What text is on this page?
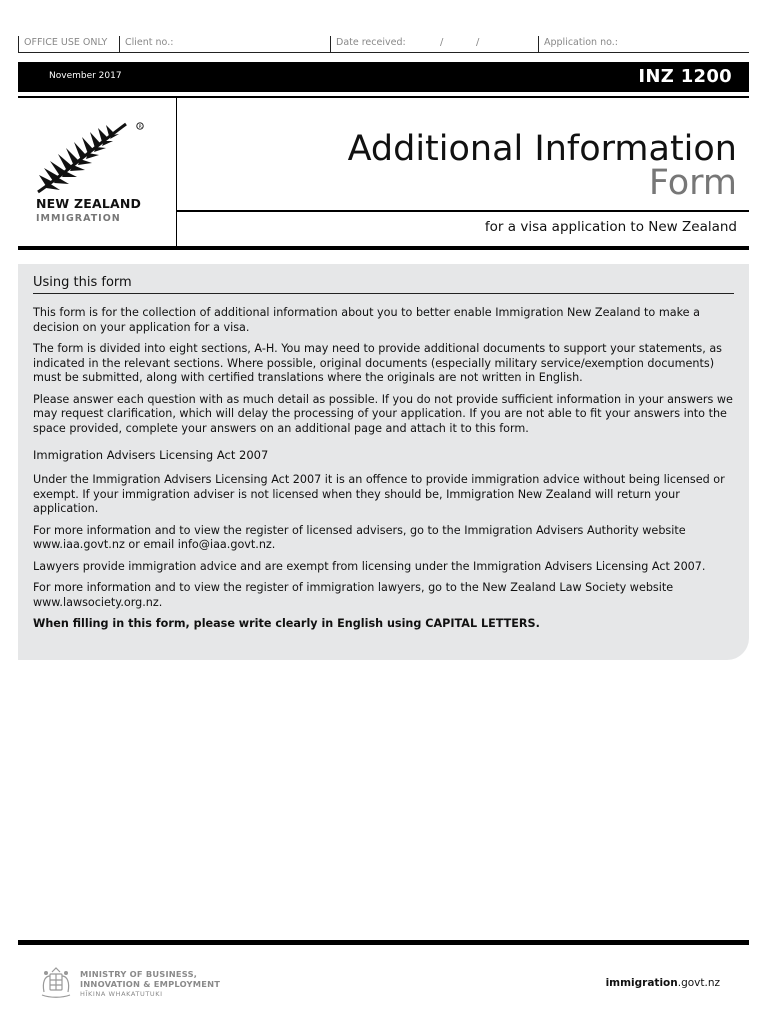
OFFICE USE ONLY	Client no.:	Date received:	/	/	Application no.:
November 2017	INZ 1200
R
NEW ZEALAND
IMMIGRATION
Additional Information
Form
for a visa application to New Zealand
Using this form

This form is for the collection of additional information about you to better enable Immigration New Zealand to make a decision on your application for a visa.

The form is divided into eight sections, A-H. You may need to provide additional documents to support your statements, as indicated in the relevant sections. Where possible, original documents (especially military service/exemption documents) must be submitted, along with certified translations where the originals are not written in English.

Please answer each question with as much detail as possible. If you do not provide sufficient information in your answers we may request clarification, which will delay the processing of your application. If you are not able to fit your answers into the space provided, complete your answers on an additional page and attach it to this form.

Immigration Advisers Licensing Act 2007

Under the Immigration Advisers Licensing Act 2007 it is an offence to provide immigration advice without being licensed or exempt. If your immigration adviser is not licensed when they should be, Immigration New Zealand will return your application.

For more information and to view the register of licensed advisers, go to the Immigration Advisers Authority website www.iaa.govt.nz or email info@iaa.govt.nz.

Lawyers provide immigration advice and are exempt from licensing under the Immigration Advisers Licensing Act 2007.

For more information and to view the register of immigration lawyers, go to the New Zealand Law Society website www.lawsociety.org.nz.

When filling in this form, please write clearly in English using CAPITAL LETTERS.

MINISTRY OF BUSINESS,
INNOVATION & EMPLOYMENT
HĪKINA WHAKATUTUKI
immigration.govt.nz
